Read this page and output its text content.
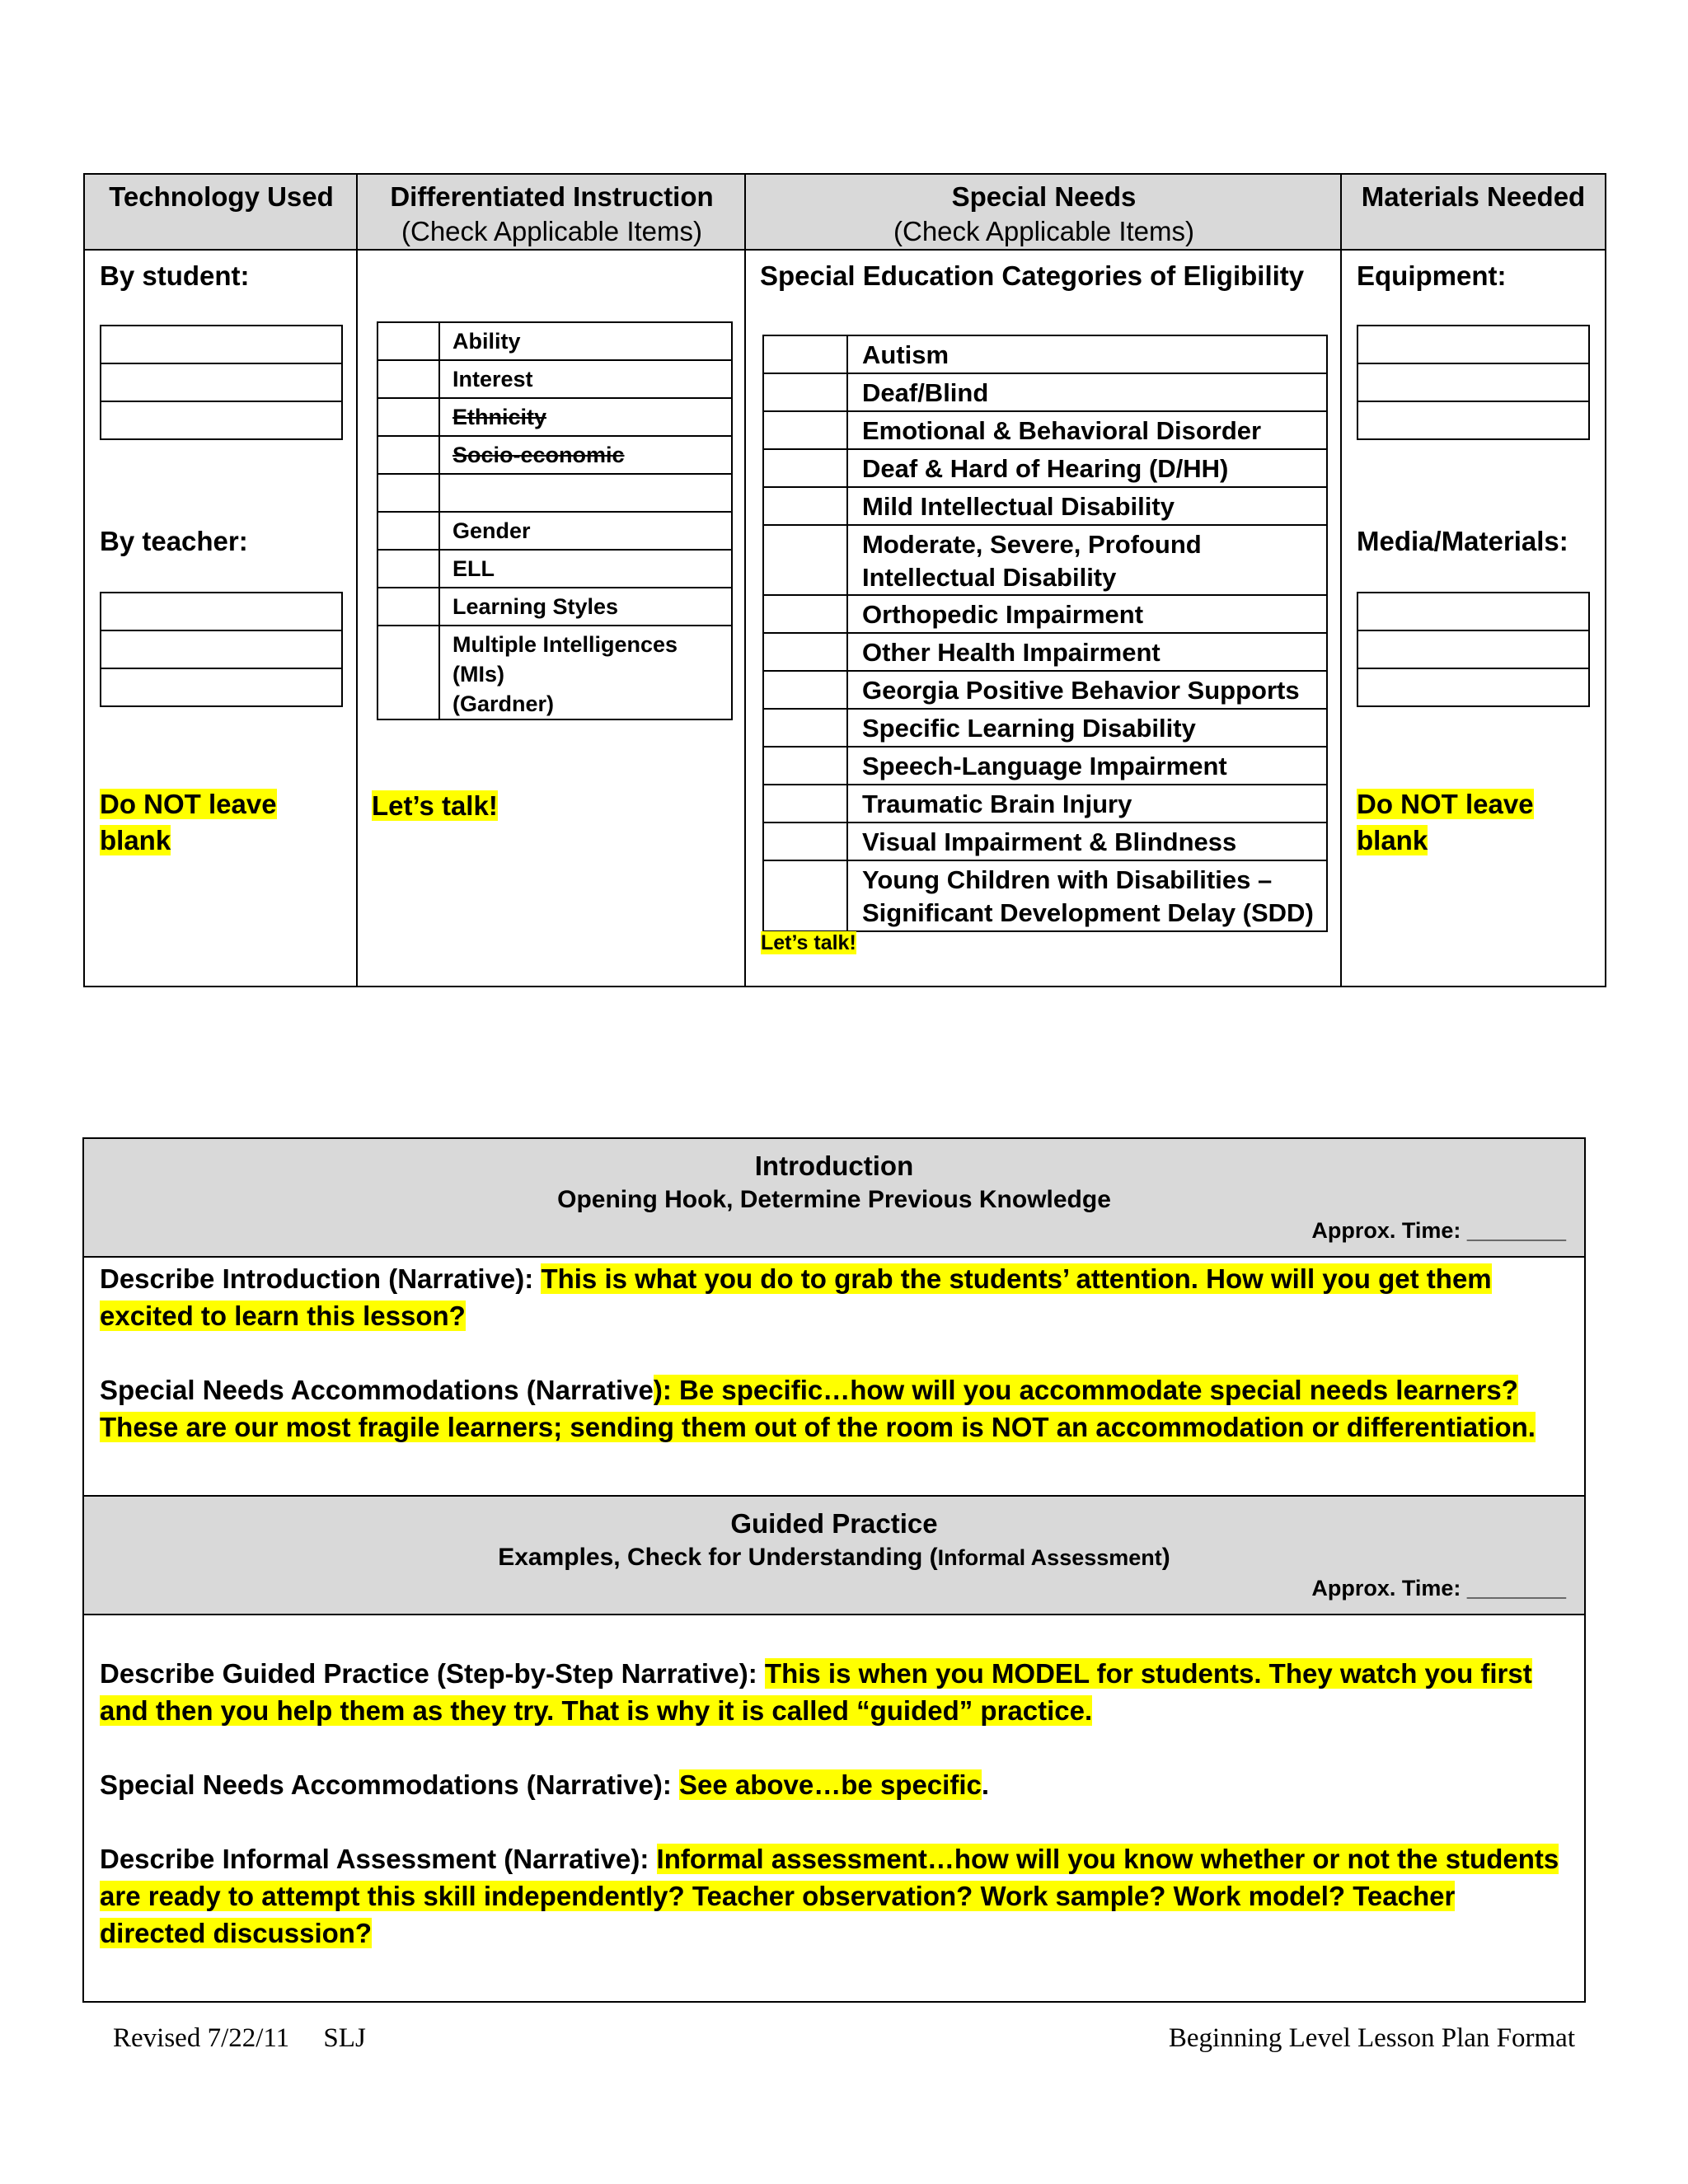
Technology Used	Differentiated Instruction
(Check Applicable Items)
Special Needs
(Check Applicable Items)
Materials Needed
By student:
By teacher:
Do NOT leave
blank
Ability
Interest
Ethnicity
Socio-economic
Gender
ELL
Learning Styles
Multiple Intelligences
(MIs)
(Gardner)
Let’s talk!
Special Education Categories of Eligibility
Autism
Deaf/Blind
Emotional & Behavioral Disorder
Deaf & Hard of Hearing (D/HH)
Mild Intellectual Disability
Moderate, Severe, Profound
Intellectual Disability
Orthopedic Impairment
Other Health Impairment
Georgia Positive Behavior Supports
Specific Learning Disability
Speech-Language Impairment
Traumatic Brain Injury
Visual Impairment & Blindness
Young Children with Disabilities –
Significant Development Delay (SDD)
Let’s talk!
Equipment:
Media/Materials:
Do NOT leave
blank
Introduction
Opening Hook, Determine Previous Knowledge
Approx. Time: ________
Describe Introduction (Narrative): This is what you do to grab the students’ attention. How will you get them excited to learn this lesson?
Special Needs Accommodations (Narrative): Be specific…how will you accommodate special needs learners? These are our most fragile learners; sending them out of the room is NOT an accommodation or differentiation.
Guided Practice
Examples, Check for Understanding (Informal Assessment)
Approx. Time: ________
Describe Guided Practice (Step-by-Step Narrative): This is when you MODEL for students. They watch you first and then you help them as they try. That is why it is called “guided” practice.
Special Needs Accommodations (Narrative): See above…be specific.
Describe Informal Assessment (Narrative): Informal assessment…how will you know whether or not the students are ready to attempt this skill independently? Teacher observation? Work sample? Work model? Teacher directed discussion?
Revised 7/22/11     SLJ	Beginning Level Lesson Plan Format
